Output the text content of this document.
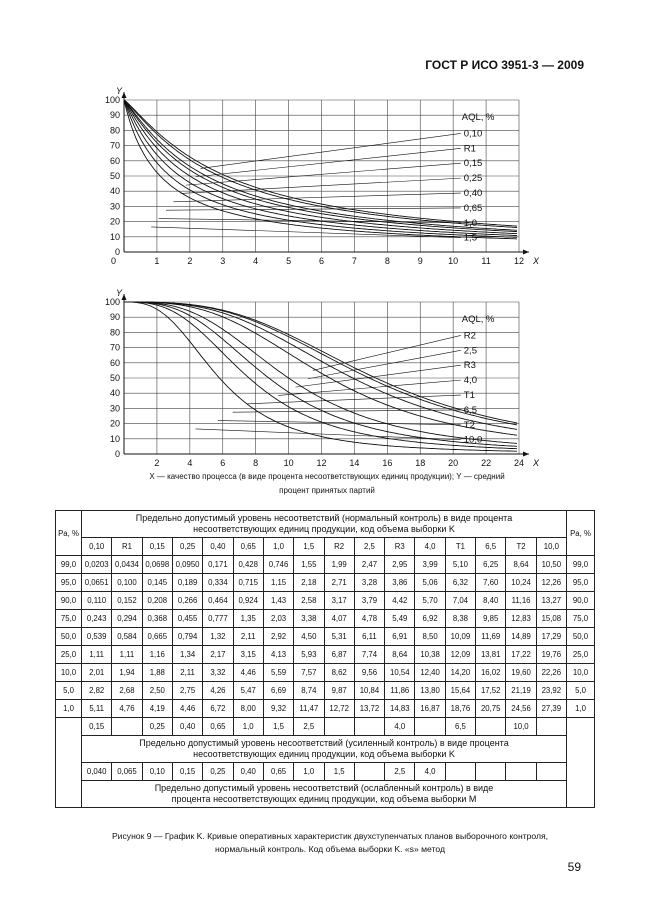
ГОСТ Р ИСО 3951-3 — 2009
0
10
20
30
40
50
60
70
80
90
100
Y
1	2	3	4	5	6	7	8	9	10	11	12 X
AQL, %
0,10
R1
0,15
0,25
0,40
0,65
1,0
1,5
0
0
10
20
30
40
50
60
70
80
90
100
Y
2	4	6	8	10	12	14	16	18	20	22	24 X
AQL, %
R2
2,5
R3
4,0
T1
6,5
T2
10,0
X — качество процесса (в виде процента несоответствующих единиц продукции); Y — средний
процент принятых партий
Pa, %	Предельно допустимый уровень несоответствий (нормальный контроль) в виде процента
несоответствующих единиц продукции, код объема выборки K																Pa, %
	0,10	R1	0,15	0,25	0,40	0,65	1,0	1,5	R2	2,5	R3	4,0	T1	6,5	T2	10,0	
99,0	0,0203	0,0434	0,0698	0,0950	0,171	0,428	0,746	1,55	1,99	2,47	2,95	3,99	5,10	6,25	8,64	10,50	99,0
95,0	0,0651	0,100	0,145	0,189	0,334	0,715	1,15	2,18	2,71	3,28	3,86	5,06	6,32	7,60	10,24	12,26	95,0
90,0	0,110	0,152	0,208	0,266	0,464	0,924	1,43	2,58	3,17	3,79	4,42	5,70	7,04	8,40	11,16	13,27	90,0
75,0	0,243	0,294	0,368	0,455	0,777	1,35	2,03	3,38	4,07	4,78	5,49	6,92	8,38	9,85	12,83	15,08	75,0
50,0	0,539	0,584	0,665	0,794	1,32	2,11	2,92	4,50	5,31	6,11	6,91	8,50	10,09	11,69	14,89	17,29	50,0
25,0	1,11	1,11	1,16	1,34	2,17	3,15	4,13	5,93	6,87	7,74	8,64	10,38	12,09	13,81	17,22	19,76	25,0
10,0	2,01	1,94	1,88	2,11	3,32	4,46	5,59	7,57	8,62	9,56	10,54	12,40	14,20	16,02	19,60	22,26	10,0
5,0	2,82	2,68	2,50	2,75	4,26	5,47	6,69	8,74	9,87	10,84	11,86	13,80	15,64	17,52	21,19	23,92	5,0
1,0	5,11	4,76	4,19	4,46	6,72	8,00	9,32	11,47	12,72	13,72	14,83	16,87	18,76	20,75	24,56	27,39	1,0
	0,15		0,25	0,40	0,65	1,0	1,5	2,5			4,0		6,5		10,0		

	Предельно допустимый уровень несоответствий (усиленный контроль) в виде процента
несоответствующих единиц продукции, код объема выборки K																

	0,040	0,065	0,10	0,15	0,25	0,40	0,65	1,0	1,5		2,5	4,0					

	Предельно допустимый уровень несоответствий (ослабленный контроль) в виде
процента несоответствующих единиц продукции, код объема выборки M																
Рисунок 9 — График K. Кривые оперативных характеристик двухступенчатых планов выборочного контроля,
нормальный контроль. Код объема выборки K. «s» метод
59
